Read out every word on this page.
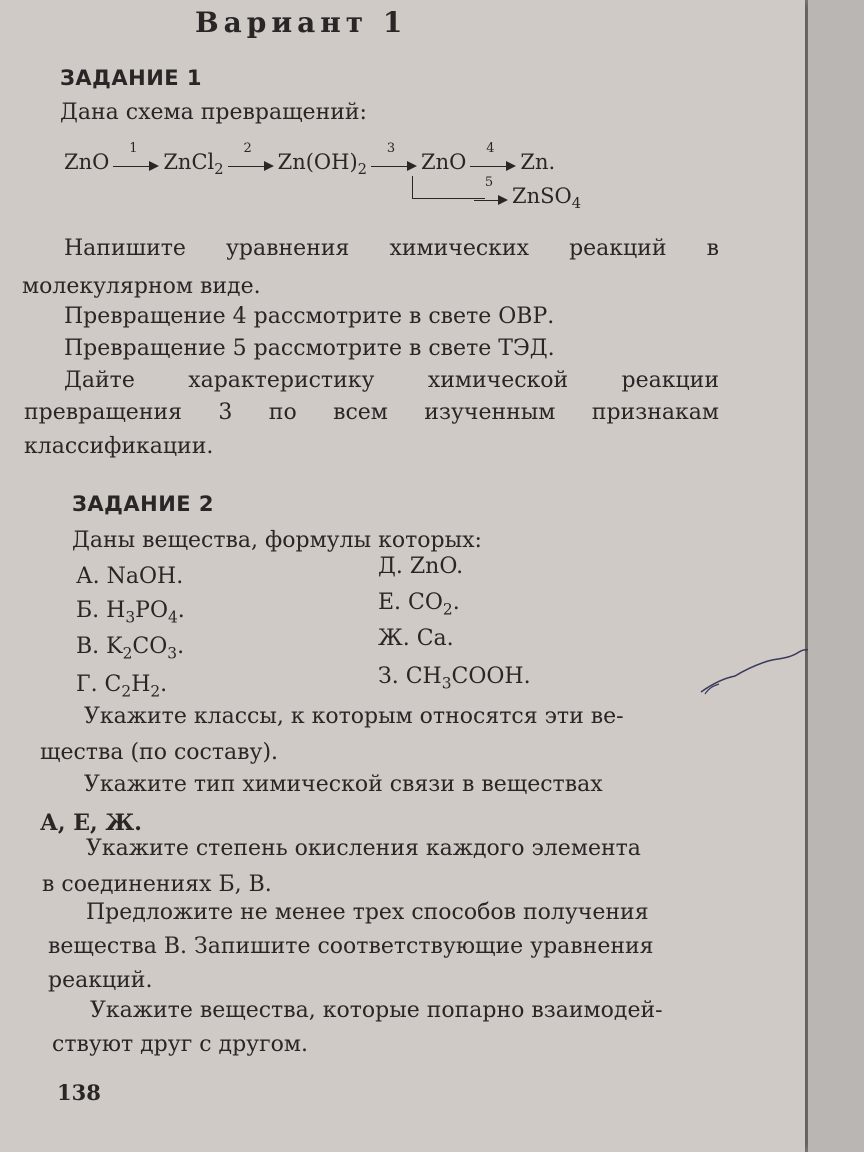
Вариант 1
ЗАДАНИЕ 1
Дана схема превращений:
ZnO
1
ZnCl$_2$
2
$Zn(OH)_2$
3
ZnO
4
Zn.
5
ZnSO$_4$
Напишите уравнения химических реакций в
молекулярном виде.
Превращение 4 рассмотрите в свете ОВР.
Превращение 5 рассмотрите в свете ТЭД.
Дайте характеристику химической реакции
превращения 3 по всем изученным признакам
классификации.
ЗАДАНИЕ 2
Даны вещества, формулы которых:
А. NaOH.
Б. $H_3PO_4$.
В. $K_2CO_3$.
Г. $C_2H_2$.
Д. ZnO.
Е. $CO_2$.
Ж. Ca.
З. $CH_3COOH$.
Укажите классы, к которым относятся эти ве-
щества (по составу).
Укажите тип химической связи в веществах
А, Е, Ж.
Укажите степень окисления каждого элемента
в соединениях Б, В.
Предложите не менее трех способов получения
вещества В. Запишите соответствующие уравнения
реакций.
Укажите вещества, которые попарно взаимодей-
ствуют друг с другом.
138
